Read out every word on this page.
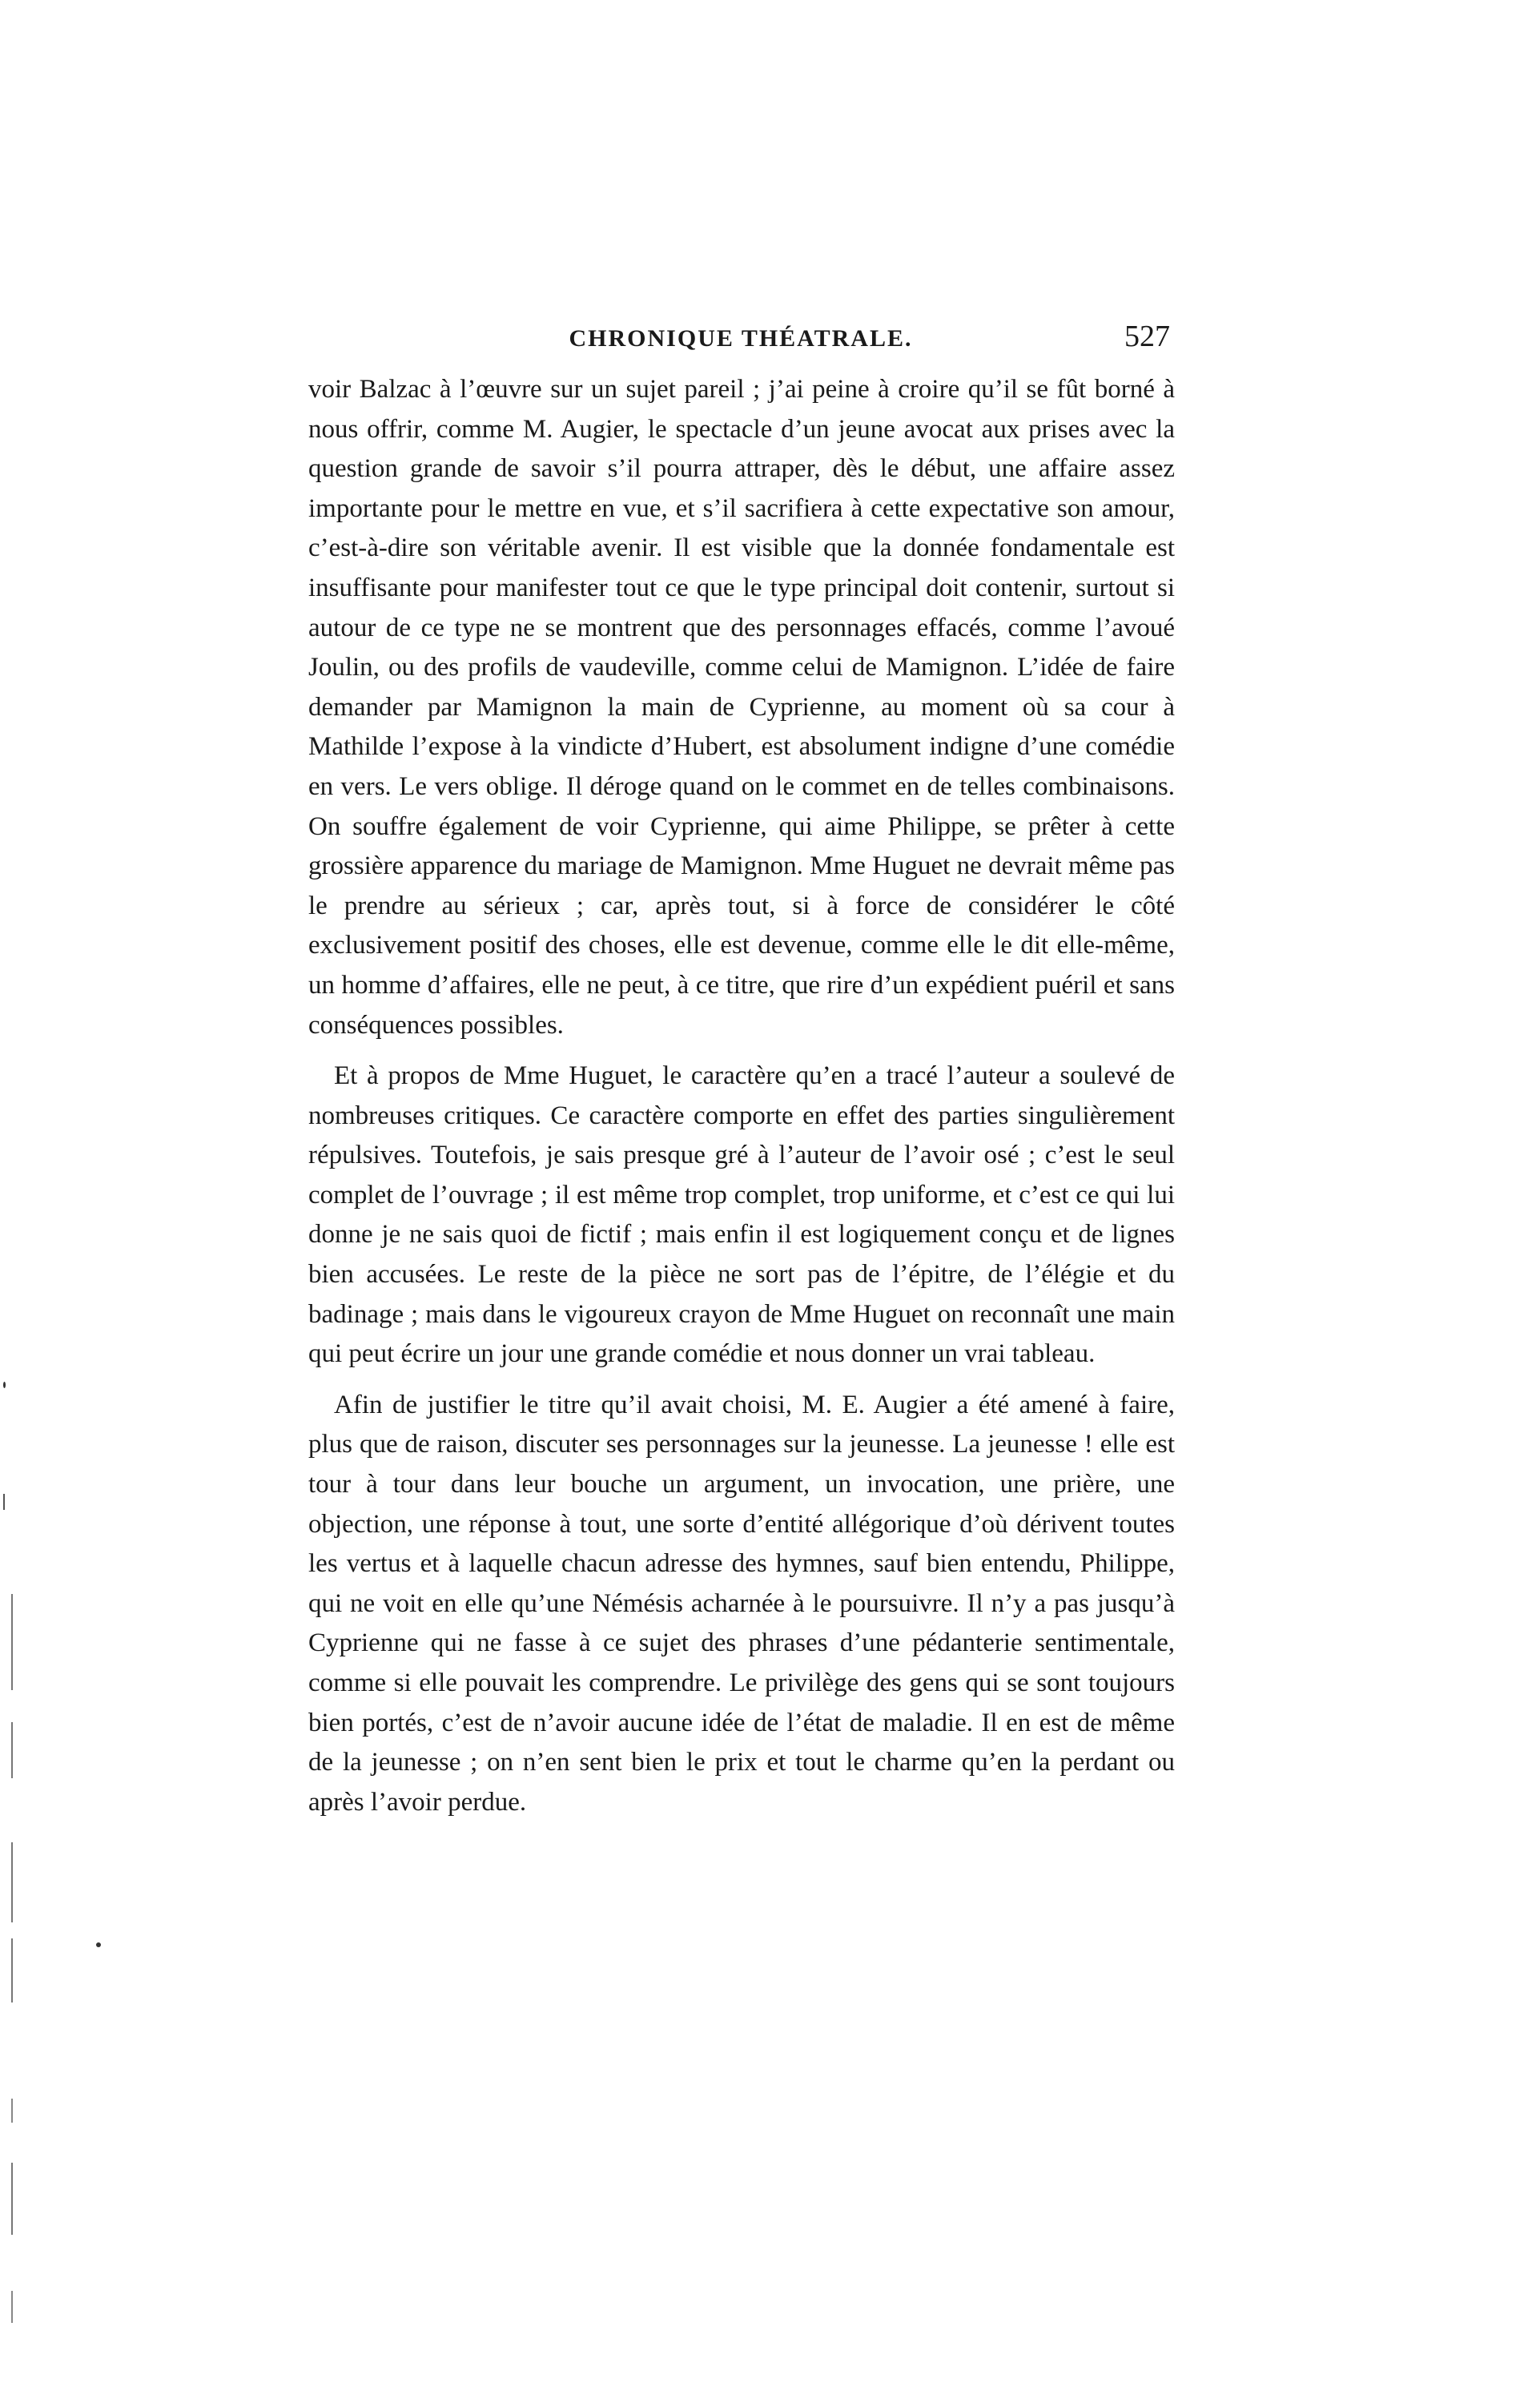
CHRONIQUE THÉATRALE.	527

voir Balzac à l’œuvre sur un sujet pareil ; j’ai peine à croire qu’il se fût borné à nous offrir, comme M. Augier, le spectacle d’un jeune avocat aux prises avec la question grande de savoir s’il pourra attraper, dès le début, une affaire assez importante pour le mettre en vue, et s’il sacrifiera à cette expectative son amour, c’est-à-dire son véritable avenir. Il est visible que la donnée fondamentale est insuffisante pour manifester tout ce que le type principal doit contenir, surtout si autour de ce type ne se montrent que des personnages effacés, comme l’avoué Joulin, ou des profils de vaudeville, comme celui de Mamignon. L’idée de faire demander par Mamignon la main de Cyprienne, au moment où sa cour à Mathilde l’expose à la vindicte d’Hubert, est absolument indigne d’une comédie en vers. Le vers oblige. Il déroge quand on le commet en de telles combinaisons. On souffre également de voir Cyprienne, qui aime Philippe, se prêter à cette grossière apparence du mariage de Mamignon. Mme Huguet ne devrait même pas le prendre au sérieux ; car, après tout, si à force de considérer le côté exclusivement positif des choses, elle est devenue, comme elle le dit elle-même, un homme d’affaires, elle ne peut, à ce titre, que rire d’un expédient puéril et sans conséquences possibles.

Et à propos de Mme Huguet, le caractère qu’en a tracé l’auteur a soulevé de nombreuses critiques. Ce caractère comporte en effet des parties singulièrement répulsives. Toutefois, je sais presque gré à l’auteur de l’avoir osé ; c’est le seul complet de l’ouvrage ; il est même trop complet, trop uniforme, et c’est ce qui lui donne je ne sais quoi de fictif ; mais enfin il est logiquement conçu et de lignes bien accusées. Le reste de la pièce ne sort pas de l’épitre, de l’élégie et du badinage ; mais dans le vigoureux crayon de Mme Huguet on reconnaît une main qui peut écrire un jour une grande comédie et nous donner un vrai tableau.

Afin de justifier le titre qu’il avait choisi, M. E. Augier a été amené à faire, plus que de raison, discuter ses personnages sur la jeunesse. La jeunesse ! elle est tour à tour dans leur bouche un argument, un invocation, une prière, une objection, une réponse à tout, une sorte d’entité allégorique d’où dérivent toutes les vertus et à laquelle chacun adresse des hymnes, sauf bien entendu, Philippe, qui ne voit en elle qu’une Némésis acharnée à le poursuivre. Il n’y a pas jusqu’à Cyprienne qui ne fasse à ce sujet des phrases d’une pédanterie sentimentale, comme si elle pouvait les comprendre. Le privilège des gens qui se sont toujours bien portés, c’est de n’avoir aucune idée de l’état de maladie. Il en est de même de la jeunesse ; on n’en sent bien le prix et tout le charme qu’en la perdant ou après l’avoir perdue.
